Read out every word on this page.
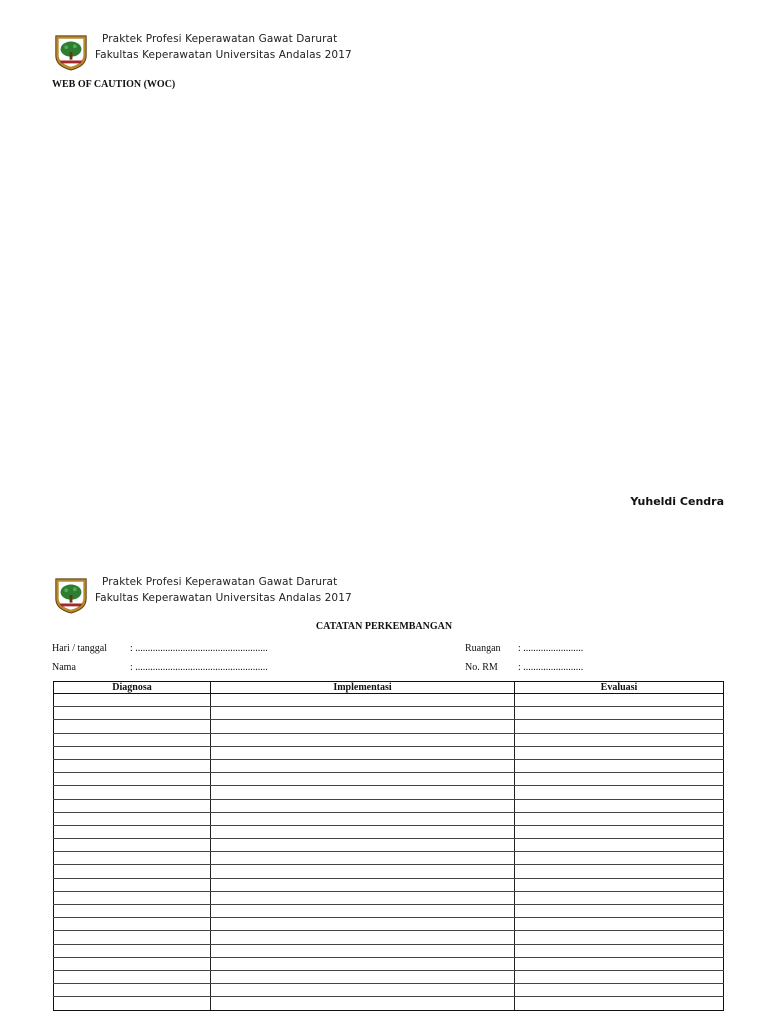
Praktek Profesi Keperawatan Gawat Darurat
Fakultas Keperawatan Universitas Andalas 2017
WEB OF CAUTION (WOC)
Yuheldi Cendra
Praktek Profesi Keperawatan Gawat Darurat
Fakultas Keperawatan Universitas Andalas 2017
CATATAN PERKEMBANGAN
Hari / tanggal : .....................................................
Nama	: .....................................................
Ruangan : ........................
No. RM : ........................
Diagnosa	Implementasi	Evaluasi
